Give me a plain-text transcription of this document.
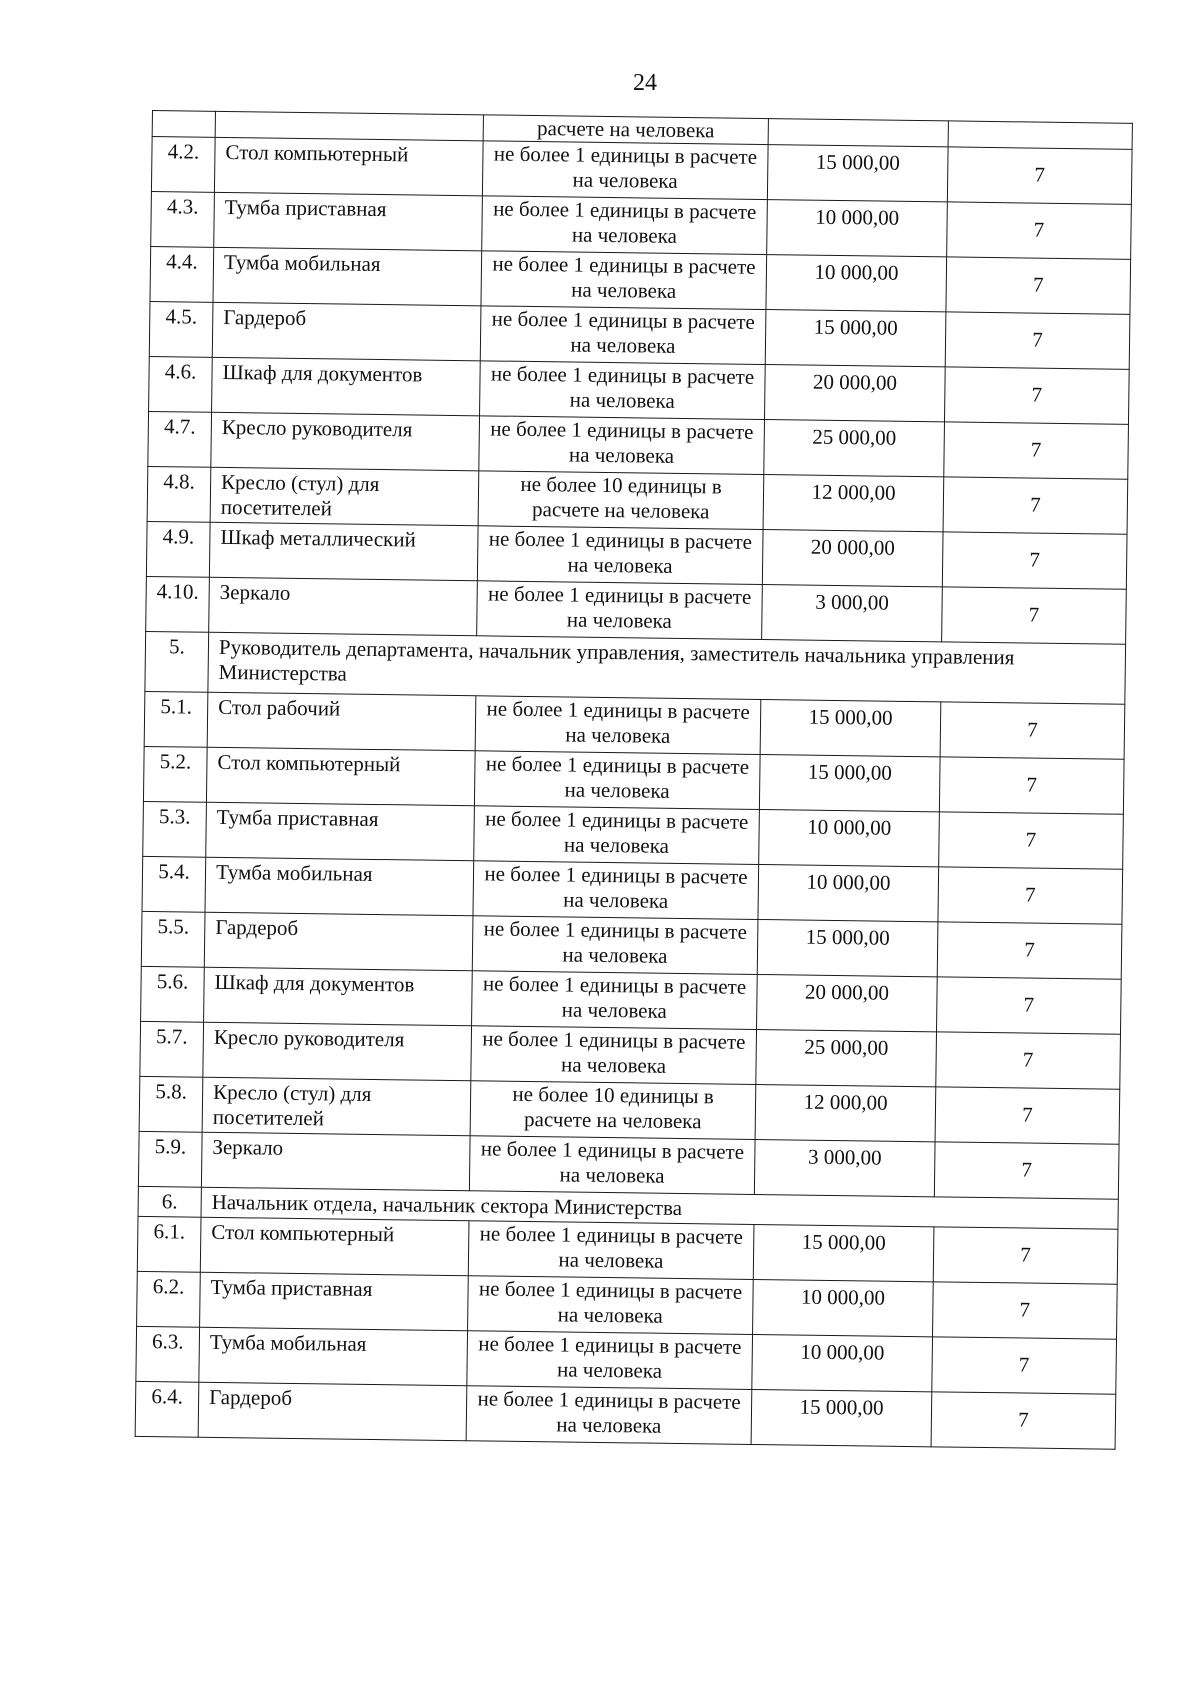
24
		расчете на человека		
4.2.	Стол компьютерный	не более 1 единицы в расчете на человека	15 000,00	7
4.3.	Тумба приставная	не более 1 единицы в расчете на человека	10 000,00	7
4.4.	Тумба мобильная	не более 1 единицы в расчете на человека	10 000,00	7
4.5.	Гардероб	не более 1 единицы в расчете на человека	15 000,00	7
4.6.	Шкаф для документов	не более 1 единицы в расчете на человека	20 000,00	7
4.7.	Кресло руководителя	не более 1 единицы в расчете на человека	25 000,00	7
4.8.	Кресло (стул) для посетителей	не более 10 единицы в расчете на человека	12 000,00	7
4.9.	Шкаф металлический	не более 1 единицы в расчете на человека	20 000,00	7
4.10.	Зеркало	не более 1 единицы в расчете на человека	3 000,00	7
5.	Руководитель департамента, начальник управления, заместитель начальника управления Министерства			
5.1.	Стол рабочий	не более 1 единицы в расчете на человека	15 000,00	7
5.2.	Стол компьютерный	не более 1 единицы в расчете на человека	15 000,00	7
5.3.	Тумба приставная	не более 1 единицы в расчете на человека	10 000,00	7
5.4.	Тумба мобильная	не более 1 единицы в расчете на человека	10 000,00	7
5.5.	Гардероб	не более 1 единицы в расчете на человека	15 000,00	7
5.6.	Шкаф для документов	не более 1 единицы в расчете на человека	20 000,00	7
5.7.	Кресло руководителя	не более 1 единицы в расчете на человека	25 000,00	7
5.8.	Кресло (стул) для посетителей	не более 10 единицы в расчете на человека	12 000,00	7
5.9.	Зеркало	не более 1 единицы в расчете на человека	3 000,00	7
6.	Начальник отдела, начальник сектора Министерства			
6.1.	Стол компьютерный	не более 1 единицы в расчете на человека	15 000,00	7
6.2.	Тумба приставная	не более 1 единицы в расчете на человека	10 000,00	7
6.3.	Тумба мобильная	не более 1 единицы в расчете на человека	10 000,00	7
6.4.	Гардероб	не более 1 единицы в расчете на человека	15 000,00	7
